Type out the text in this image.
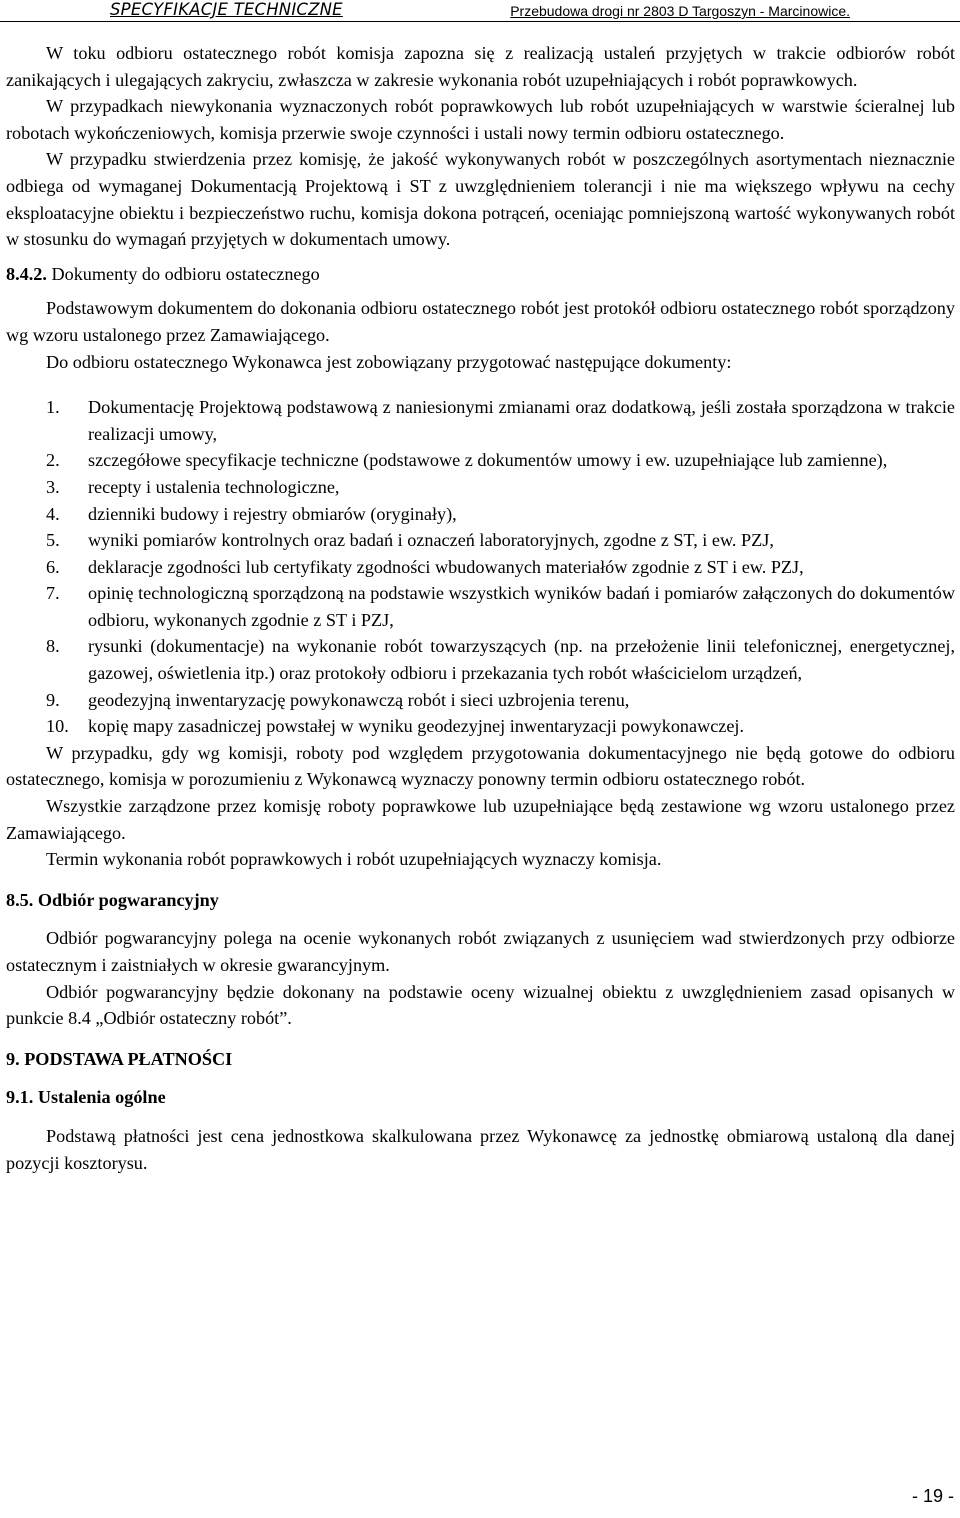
SPECYFIKACJE TECHNICZNE	Przebudowa drogi nr 2803 D Targoszyn - Marcinowice.

W toku odbioru ostatecznego robót komisja zapozna się z realizacją ustaleń przyjętych w trakcie odbiorów robót zanikających i ulegających zakryciu, zwłaszcza w zakresie wykonania robót uzupełniających i robót poprawkowych.

W przypadkach niewykonania wyznaczonych robót poprawkowych lub robót uzupełniających w warstwie ścieralnej lub robotach wykończeniowych, komisja przerwie swoje czynności i ustali nowy termin odbioru ostatecznego.

W przypadku stwierdzenia przez komisję, że jakość wykonywanych robót w poszczególnych asortymentach nieznacznie odbiega od wymaganej Dokumentacją Projektową i ST z uwzględnieniem tolerancji i nie ma większego wpływu na cechy eksploatacyjne obiektu i bezpieczeństwo ruchu, komisja dokona potrąceń, oceniając pomniejszoną wartość wykonywanych robót w stosunku do wymagań przyjętych w dokumentach umowy.

8.4.2. Dokumenty do odbioru ostatecznego

Podstawowym dokumentem do dokonania odbioru ostatecznego robót jest protokół odbioru ostatecznego robót sporządzony wg wzoru ustalonego przez Zamawiającego.

Do odbioru ostatecznego Wykonawca jest zobowiązany przygotować następujące dokumenty:

1. Dokumentację Projektową podstawową z naniesionymi zmianami oraz dodatkową, jeśli została sporządzona w trakcie realizacji umowy,
2. szczegółowe specyfikacje techniczne (podstawowe z dokumentów umowy i ew. uzupełniające lub zamienne),
3. recepty i ustalenia technologiczne,
4. dzienniki budowy i rejestry obmiarów (oryginały),
5. wyniki pomiarów kontrolnych oraz badań i oznaczeń laboratoryjnych, zgodne z ST, i ew. PZJ,
6. deklaracje zgodności lub certyfikaty zgodności wbudowanych materiałów zgodnie z ST i ew. PZJ,
7. opinię technologiczną sporządzoną na podstawie wszystkich wyników badań i pomiarów załączonych do dokumentów odbioru, wykonanych zgodnie z ST i PZJ,
8. rysunki (dokumentacje) na wykonanie robót towarzyszących (np. na przełożenie linii telefonicznej, energetycznej, gazowej, oświetlenia itp.) oraz protokoły odbioru i przekazania tych robót właścicielom urządzeń,
9. geodezyjną inwentaryzację powykonawczą robót i sieci uzbrojenia terenu,
10. kopię mapy zasadniczej powstałej w wyniku geodezyjnej inwentaryzacji powykonawczej.

W przypadku, gdy wg komisji, roboty pod względem przygotowania dokumentacyjnego nie będą gotowe do odbioru ostatecznego, komisja w porozumieniu z Wykonawcą wyznaczy ponowny termin odbioru ostatecznego robót.

Wszystkie zarządzone przez komisję roboty poprawkowe lub uzupełniające będą zestawione wg wzoru ustalonego przez Zamawiającego.

Termin wykonania robót poprawkowych i robót uzupełniających wyznaczy komisja.

8.5. Odbiór pogwarancyjny

Odbiór pogwarancyjny polega na ocenie wykonanych robót związanych z usunięciem wad stwierdzonych przy odbiorze ostatecznym i zaistniałych w okresie gwarancyjnym.

Odbiór pogwarancyjny będzie dokonany na podstawie oceny wizualnej obiektu z uwzględnieniem zasad opisanych w punkcie 8.4 „Odbiór ostateczny robót”.

9. PODSTAWA PŁATNOŚCI

9.1. Ustalenia ogólne

Podstawą płatności jest cena jednostkowa skalkulowana przez Wykonawcę za jednostkę obmiarową ustaloną dla danej pozycji kosztorysu.

- 19 -
